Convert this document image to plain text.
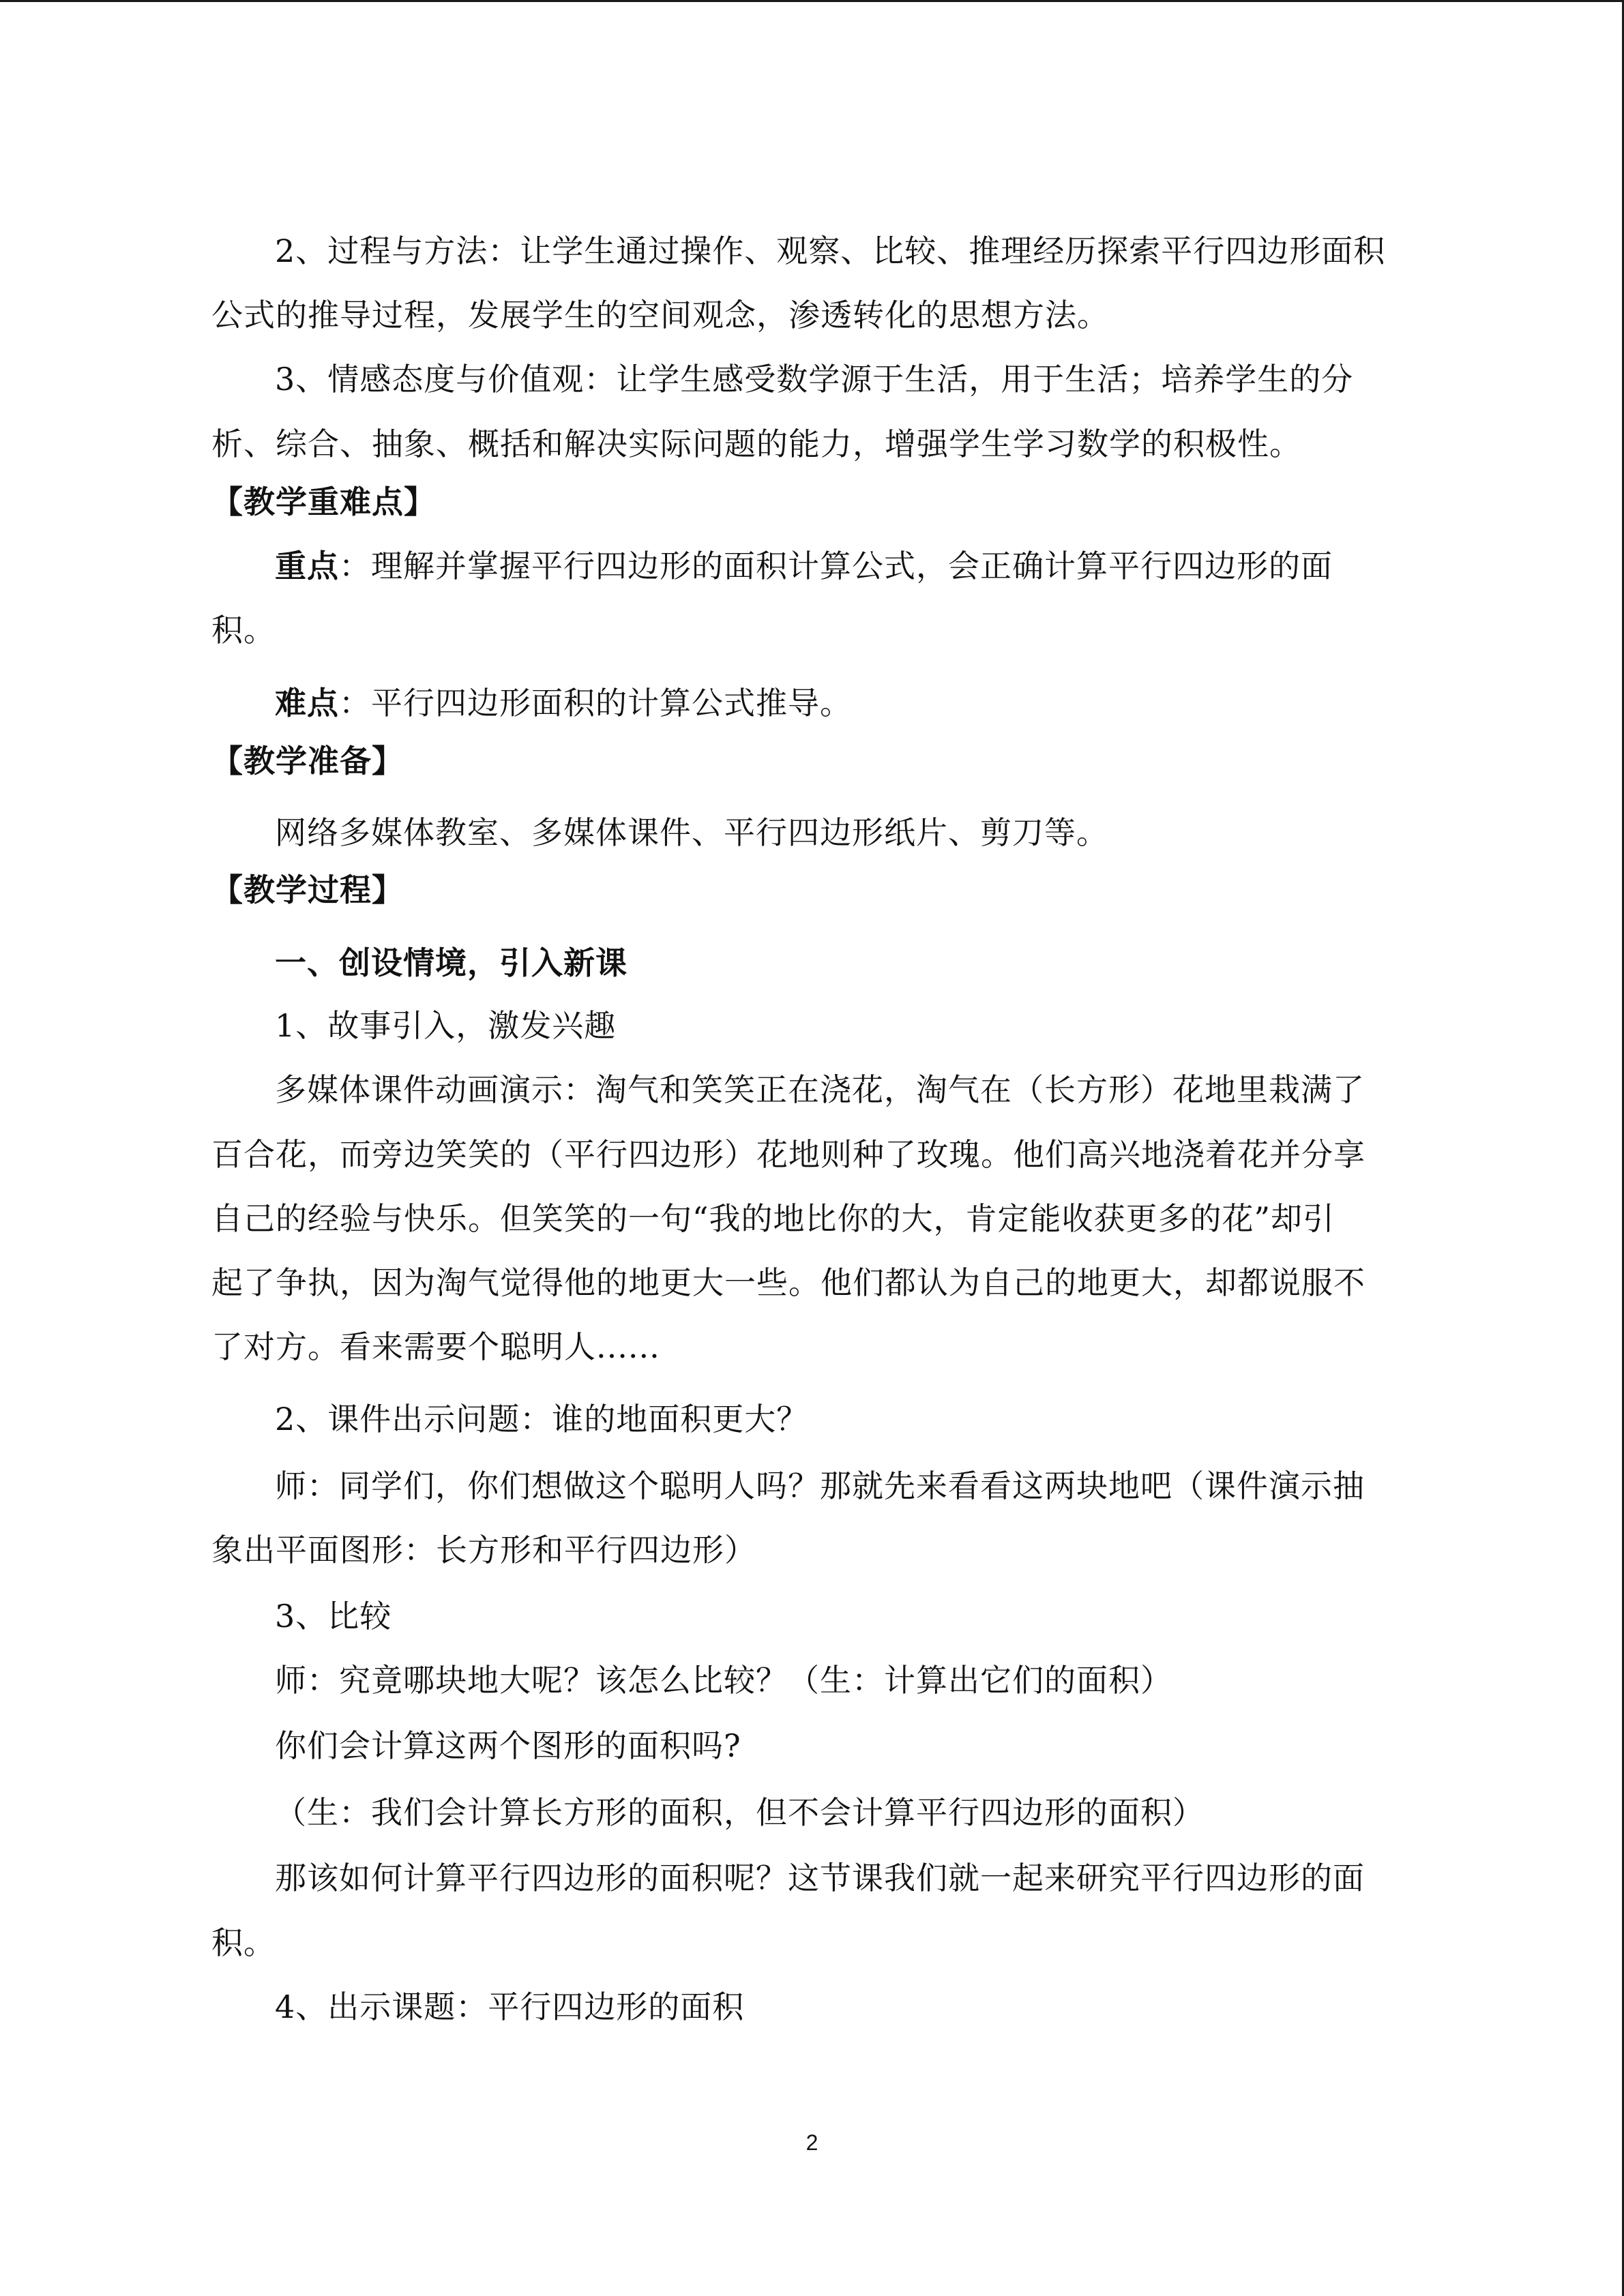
2、过程与方法：让学生通过操作、观察、比较、推理经历探索平行四边形面积
公式的推导过程，发展学生的空间观念，渗透转化的思想方法。
3、情感态度与价值观：让学生感受数学源于生活，用于生活；培养学生的分
析、综合、抽象、概括和解决实际问题的能力，增强学生学习数学的积极性。
【教学重难点】
重点：理解并掌握平行四边形的面积计算公式，会正确计算平行四边形的面
积。
难点：平行四边形面积的计算公式推导。
【教学准备】
网络多媒体教室、多媒体课件、平行四边形纸片、剪刀等。
【教学过程】
一、创设情境，引入新课
1、故事引入，激发兴趣
多媒体课件动画演示：淘气和笑笑正在浇花，淘气在（长方形）花地里栽满了
百合花，而旁边笑笑的（平行四边形）花地则种了玫瑰。他们高兴地浇着花并分享
自己的经验与快乐。但笑笑的一句“我的地比你的大，肯定能收获更多的花”却引
起了争执，因为淘气觉得他的地更大一些。他们都认为自己的地更大，却都说服不
了对方。看来需要个聪明人......
2、课件出示问题：谁的地面积更大？
师：同学们，你们想做这个聪明人吗？那就先来看看这两块地吧（课件演示抽
象出平面图形：长方形和平行四边形）
3、比较
师：究竟哪块地大呢？该怎么比较？（生：计算出它们的面积）
你们会计算这两个图形的面积吗?
（生：我们会计算长方形的面积，但不会计算平行四边形的面积）
那该如何计算平行四边形的面积呢？这节课我们就一起来研究平行四边形的面
积。
4、出示课题：平行四边形的面积
2
